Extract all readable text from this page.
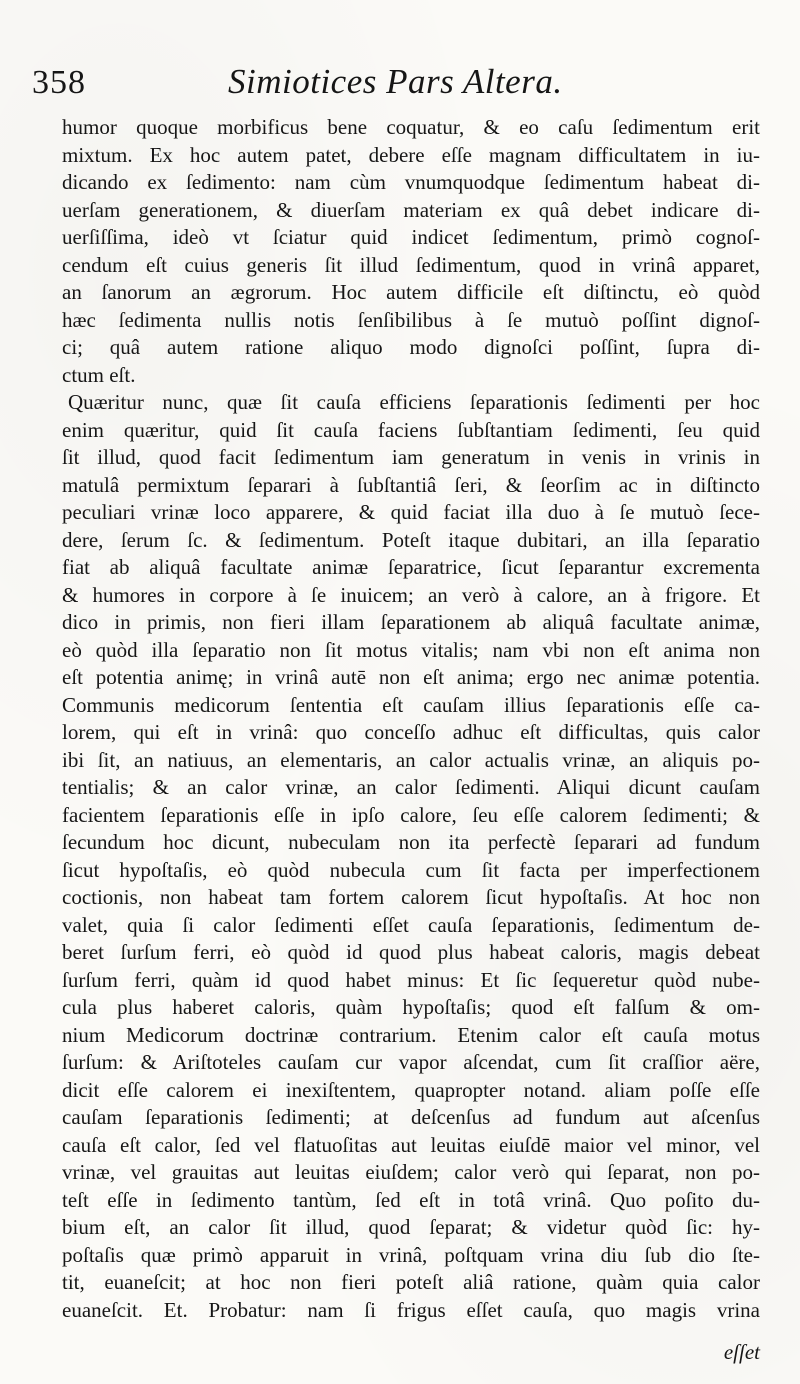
358	Simiotices Pars Altera.
humor quoque morbificus bene coquatur, & eo caſu ſedimentum erit
mixtum. Ex hoc autem patet, debere eſſe magnam difficultatem in iu-
dicando ex ſedimento: nam cùm vnumquodque ſedimentum habeat di-
uerſam generationem, & diuerſam materiam ex quâ debet indicare di-
uerſiſſima, ideò vt ſciatur quid indicet ſedimentum, primò cognoſ-
cendum eſt cuius generis ſit illud ſedimentum, quod in vrinâ apparet,
an ſanorum an ægrorum. Hoc autem difficile eſt diſtinctu, eò quòd
hæc ſedimenta nullis notis ſenſibilibus à ſe mutuò poſſint dignoſ-
ci; quâ autem ratione aliquo modo dignoſci poſſint, ſupra di-
ctum eſt.
Quæritur nunc, quæ ſit cauſa efficiens ſeparationis ſedimenti per hoc
enim quæritur, quid ſit cauſa faciens ſubſtantiam ſedimenti, ſeu quid
ſit illud, quod facit ſedimentum iam generatum in venis in vrinis in
matulâ permixtum ſeparari à ſubſtantiâ ſeri, & ſeorſim ac in diſtincto
peculiari vrinæ loco apparere, & quid faciat illa duo à ſe mutuò ſece-
dere, ſerum ſc. & ſedimentum. Poteſt itaque dubitari, an illa ſeparatio
fiat ab aliquâ facultate animæ ſeparatrice, ſicut ſeparantur excrementa
& humores in corpore à ſe inuicem; an verò à calore, an à frigore. Et
dico in primis, non fieri illam ſeparationem ab aliquâ facultate animæ,
eò quòd illa ſeparatio non ſit motus vitalis; nam vbi non eſt anima non
eſt potentia animę; in vrinâ autē non eſt anima; ergo nec animæ potentia.
Communis medicorum ſententia eſt cauſam illius ſeparationis eſſe ca-
lorem, qui eſt in vrinâ: quo conceſſo adhuc eſt difficultas, quis calor
ibi ſit, an natiuus, an elementaris, an calor actualis vrinæ, an aliquis po-
tentialis; & an calor vrinæ, an calor ſedimenti. Aliqui dicunt cauſam
facientem ſeparationis eſſe in ipſo calore, ſeu eſſe calorem ſedimenti; &
ſecundum hoc dicunt, nubeculam non ita perfectè ſeparari ad fundum
ſicut hypoſtaſis, eò quòd nubecula cum ſit facta per imperfectionem
coctionis, non habeat tam fortem calorem ſicut hypoſtaſis. At hoc non
valet, quia ſi calor ſedimenti eſſet cauſa ſeparationis, ſedimentum de-
beret ſurſum ferri, eò quòd id quod plus habeat caloris, magis debeat
ſurſum ferri, quàm id quod habet minus: Et ſic ſequeretur quòd nube-
cula plus haberet caloris, quàm hypoſtaſis; quod eſt falſum & om-
nium Medicorum doctrinæ contrarium. Etenim calor eſt cauſa motus
ſurſum: & Ariſtoteles cauſam cur vapor aſcendat, cum ſit craſſior aëre,
dicit eſſe calorem ei inexiſtentem, quapropter notand. aliam poſſe eſſe
cauſam ſeparationis ſedimenti; at deſcenſus ad fundum aut aſcenſus
cauſa eſt calor, ſed vel flatuoſitas aut leuitas eiuſdē maior vel minor, vel
vrinæ, vel grauitas aut leuitas eiuſdem; calor verò qui ſeparat, non po-
teſt eſſe in ſedimento tantùm, ſed eſt in totâ vrinâ. Quo poſito du-
bium eſt, an calor ſit illud, quod ſeparat; & videtur quòd ſic: hy-
poſtaſis quæ primò apparuit in vrinâ, poſtquam vrina diu ſub dio ſte-
tit, euaneſcit; at hoc non fieri poteſt aliâ ratione, quàm quia calor
euaneſcit. Et. Probatur: nam ſi frigus eſſet cauſa, quo magis vrina
eſſet
